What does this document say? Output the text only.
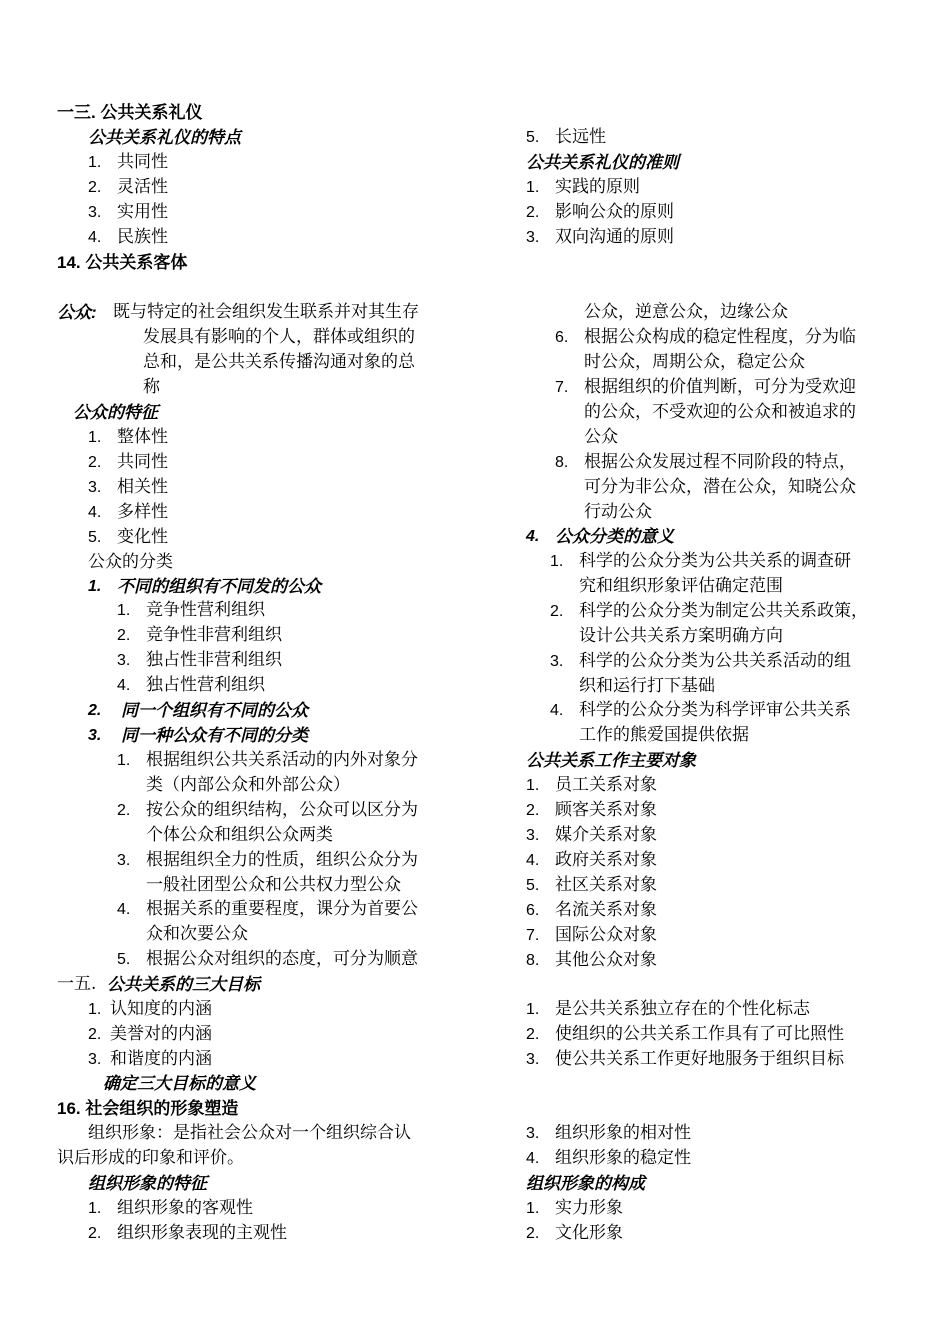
一三. 公共关系礼仪
公共关系礼仪的特点
1. 共同性
2. 灵活性
3. 实用性
4. 民族性
5. 长远性
公共关系礼仪的准则
1. 实践的原则
2. 影响公众的原则
3. 双向沟通的原则
14. 公共关系客体
公众: 既与特定的社会组织发生联系并对其生存
发展具有影响的个人，群体或组织的
总和，是公共关系传播沟通对象的总
称
公众的特征
1. 整体性
2. 共同性
3. 相关性
4. 多样性
5. 变化性
公众的分类
1. 不同的组织有不同发的公众
1. 竞争性营利组织
2. 竞争性非营利组织
3. 独占性非营利组织
4. 独占性营利组织
2. 同一个组织有不同的公众
3. 同一种公众有不同的分类
1. 根据组织公共关系活动的内外对象分
类（内部公众和外部公众）
2. 按公众的组织结构，公众可以区分为
个体公众和组织公众两类
3. 根据组织全力的性质，组织公众分为
一般社团型公众和公共权力型公众
4. 根据关系的重要程度，课分为首要公
众和次要公众
5. 根据公众对组织的态度，可分为顺意
公众，逆意公众，边缘公众
6. 根据公众构成的稳定性程度，分为临
时公众，周期公众，稳定公众
7. 根据组织的价值判断，可分为受欢迎
的公众，不受欢迎的公众和被追求的
公众
8. 根据公众发展过程不同阶段的特点，
可分为非公众，潜在公众，知晓公众
行动公众
4. 公众分类的意义
1. 科学的公众分类为公共关系的调查研
究和组织形象评估确定范围
2. 科学的公众分类为制定公共关系政策，
设计公共关系方案明确方向
3. 科学的公众分类为公共关系活动的组
织和运行打下基础
4. 科学的公众分类为科学评审公共关系
工作的熊爱国提供依据
公共关系工作主要对象
1. 员工关系对象
2. 顾客关系对象
3. 媒介关系对象
4. 政府关系对象
5. 社区关系对象
6. 名流关系对象
7. 国际公众对象
8. 其他公众对象
一五. 公共关系的三大目标
1. 认知度的内涵
2. 美誉对的内涵
3. 和谐度的内涵
确定三大目标的意义
1. 是公共关系独立存在的个性化标志
2. 使组织的公共关系工作具有了可比照性
3. 使公共关系工作更好地服务于组织目标
16. 社会组织的形象塑造
组织形象：是指社会公众对一个组织综合认
识后形成的印象和评价。
组织形象的特征
1. 组织形象的客观性
2. 组织形象表现的主观性
3. 组织形象的相对性
4. 组织形象的稳定性
组织形象的构成
1. 实力形象
2. 文化形象
